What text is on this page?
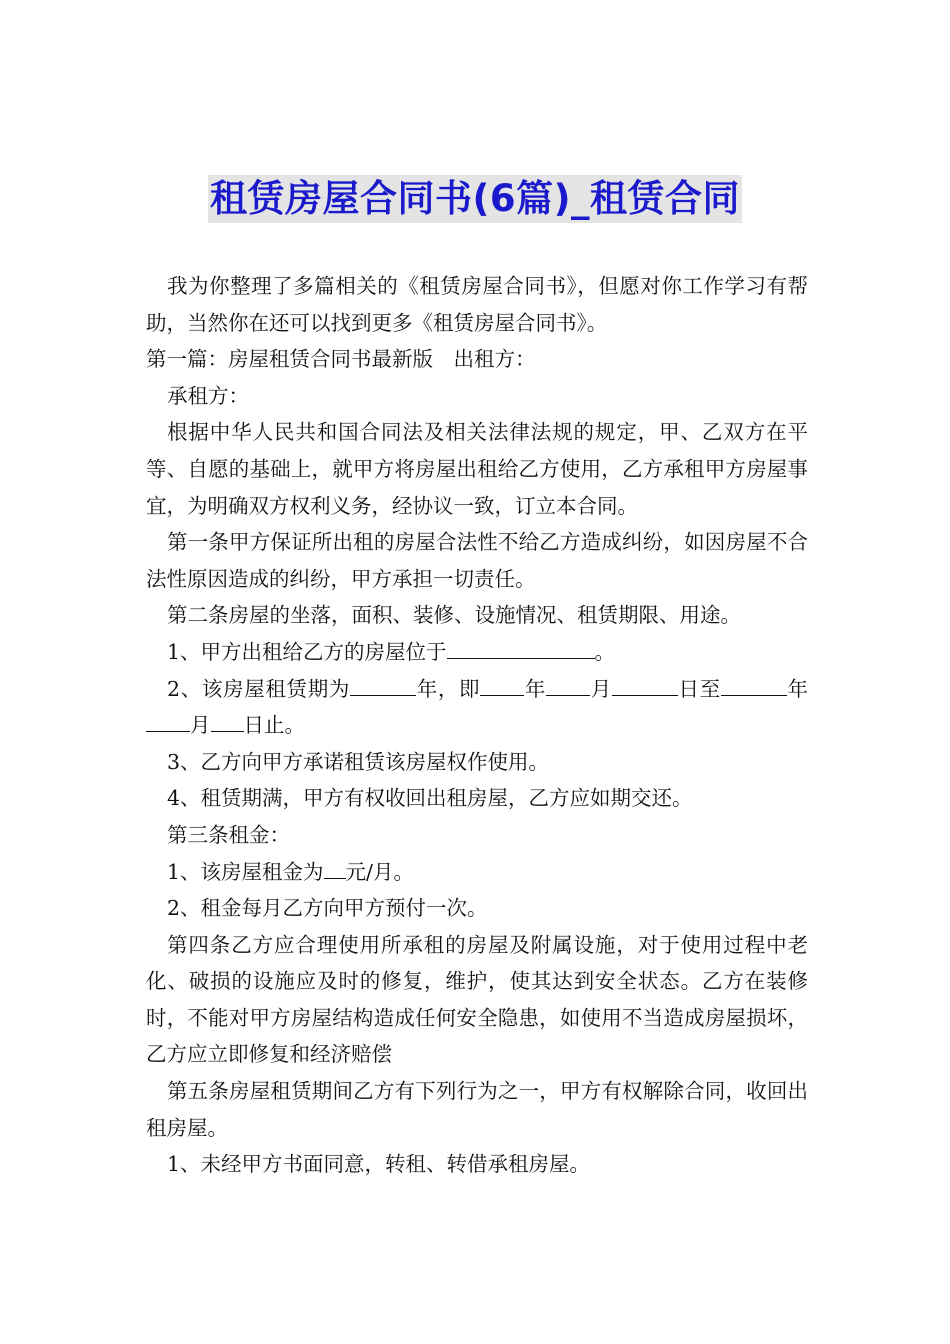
租赁房屋合同书(6篇)_租赁合同

我为你整理了多篇相关的《租赁房屋合同书》，但愿对你工作学习有帮助，当然你在还可以找到更多《租赁房屋合同书》。

第一篇：房屋租赁合同书最新版　出租方：

承租方：

根据中华人民共和国合同法及相关法律法规的规定，甲、乙双方在平等、自愿的基础上，就甲方将房屋出租给乙方使用，乙方承租甲方房屋事宜，为明确双方权利义务，经协议一致，订立本合同。

第一条甲方保证所出租的房屋合法性不给乙方造成纠纷，如因房屋不合法性原因造成的纠纷，甲方承担一切责任。

第二条房屋的坐落，面积、装修、设施情况、租赁期限、用途。

1、甲方出租给乙方的房屋位于	。

2、该房屋租赁期为	年，即 年 月	日至	年月 日止。

3、乙方向甲方承诺租赁该房屋权作使用。

4、租赁期满，甲方有权收回出租房屋，乙方应如期交还。

第三条租金：

1、该房屋租金为 元/月。

2、租金每月乙方向甲方预付一次。

第四条乙方应合理使用所承租的房屋及附属设施，对于使用过程中老化、破损的设施应及时的修复，维护，使其达到安全状态。乙方在装修时，不能对甲方房屋结构造成任何安全隐患，如使用不当造成房屋损坏，乙方应立即修复和经济赔偿

第五条房屋租赁期间乙方有下列行为之一，甲方有权解除合同，收回出租房屋。

1、未经甲方书面同意，转租、转借承租房屋。
